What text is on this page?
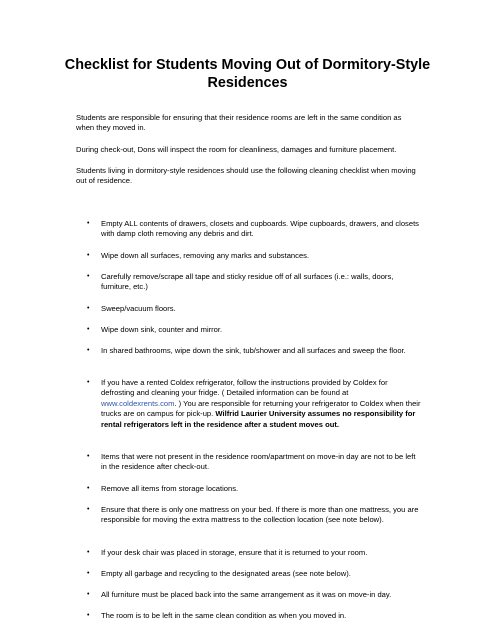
Checklist for Students Moving Out of Dormitory-Style Residences

Students are responsible for ensuring that their residence rooms are left in the same condition as when they moved in.

During check-out, Dons will inspect the room for cleanliness, damages and furniture placement.

Students living in dormitory-style residences should use the following cleaning checklist when moving out of residence.

• Empty ALL contents of drawers, closets and cupboards. Wipe cupboards, drawers, and closets with damp cloth removing any debris and dirt.
• Wipe down all surfaces, removing any marks and substances.
• Carefully remove/scrape all tape and sticky residue off of all surfaces (i.e.: walls, doors, furniture, etc.)
• Sweep/vacuum floors.
• Wipe down sink, counter and mirror.
• In shared bathrooms, wipe down the sink, tub/shower and all surfaces and sweep the floor.
• If you have a rented Coldex refrigerator, follow the instructions provided by Coldex for defrosting and cleaning your fridge. ( Detailed information can be found at www.coldexrents.com. ) You are responsible for returning your refrigerator to Coldex when their trucks are on campus for pick-up. Wilfrid Laurier University assumes no responsibility for rental refrigerators left in the residence after a student moves out.
• Items that were not present in the residence room/apartment on move-in day are not to be left in the residence after check-out.
• Remove all items from storage locations.
• Ensure that there is only one mattress on your bed. If there is more than one mattress, you are responsible for moving the extra mattress to the collection location (see note below).
• If your desk chair was placed in storage, ensure that it is returned to your room.
• Empty all garbage and recycling to the designated areas (see note below).
• All furniture must be placed back into the same arrangement as it was on move-in day.
• The room is to be left in the same clean condition as when you moved in.
